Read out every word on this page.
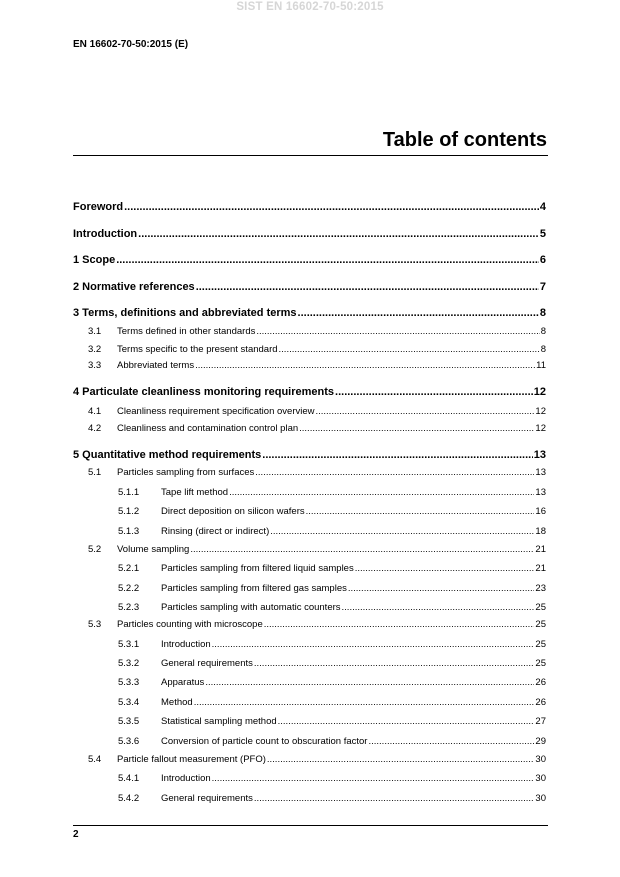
SIST EN 16602-70-50:2015
EN 16602-70-50:2015 (E)
Table of contents
Foreword .....	4
Introduction .....	5
1 Scope .....	6
2 Normative references .....	7
3 Terms, definitions and abbreviated terms .....	8
3.1	Terms defined in other standards .....	8
3.2	Terms specific to the present standard .....	8
3.3	Abbreviated terms .....	11
4 Particulate cleanliness monitoring requirements .....	12
4.1	Cleanliness requirement specification overview .....	12
4.2	Cleanliness and contamination control plan .....	12
5 Quantitative method requirements .....	13
5.1	Particles sampling from surfaces .....	13
5.1.1	Tape lift method .....	13
5.1.2	Direct deposition on silicon wafers .....	16
5.1.3	Rinsing (direct or indirect) .....	18
5.2	Volume sampling .....	21
5.2.1	Particles sampling from filtered liquid samples .....	21
5.2.2	Particles sampling from filtered gas samples .....	23
5.2.3	Particles sampling with automatic counters .....	25
5.3	Particles counting with microscope .....	25
5.3.1	Introduction .....	25
5.3.2	General requirements .....	25
5.3.3	Apparatus .....	26
5.3.4	Method .....	26
5.3.5	Statistical sampling method .....	27
5.3.6	Conversion of particle count to obscuration factor .....	29
5.4	Particle fallout measurement (PFO) .....	30
5.4.1	Introduction .....	30
5.4.2	General requirements .....	30
2
